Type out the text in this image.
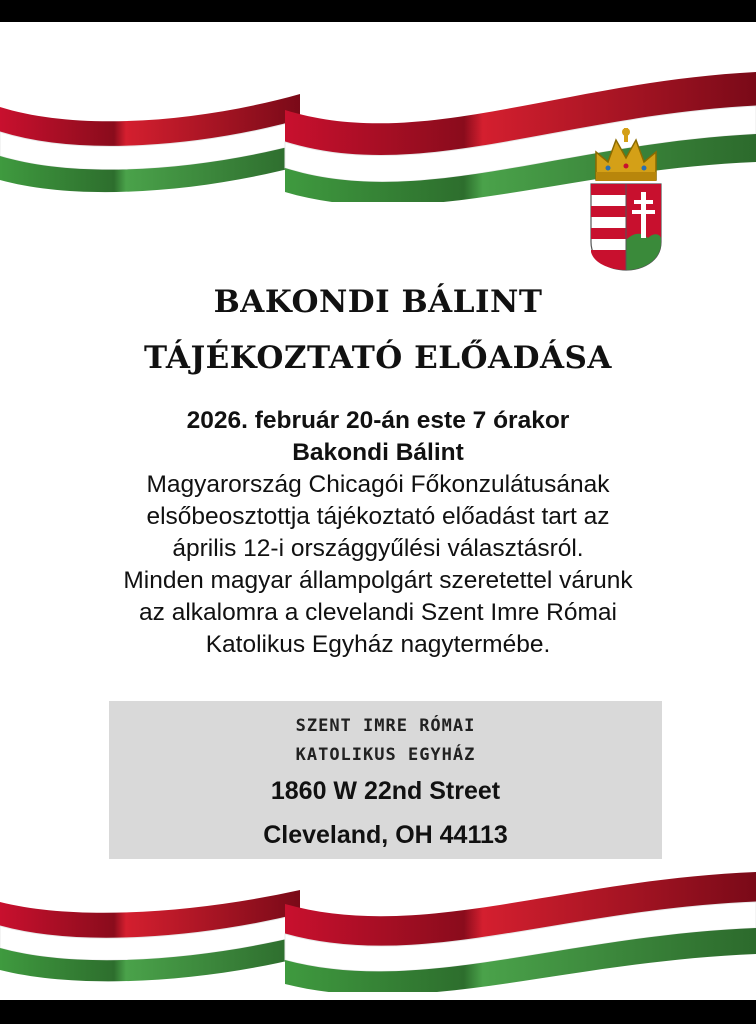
BAKONDI BÁLINT
TÁJÉKOZTATÓ ELŐADÁSA
2026. február 20-án este 7 órakor
Bakondi Bálint
Magyarország Chicagói Főkonzulátusának
elsőbeosztottja tájékoztató előadást tart az
április 12-i országgyűlési választásról.
Minden magyar állampolgárt szeretettel várunk
az alkalomra a clevelandi Szent Imre Római
Katolikus Egyház nagytermébe.
SZENT IMRE RÓMAI
KATOLIKUS EGYHÁZ
1860 W 22nd Street
Cleveland, OH 44113
